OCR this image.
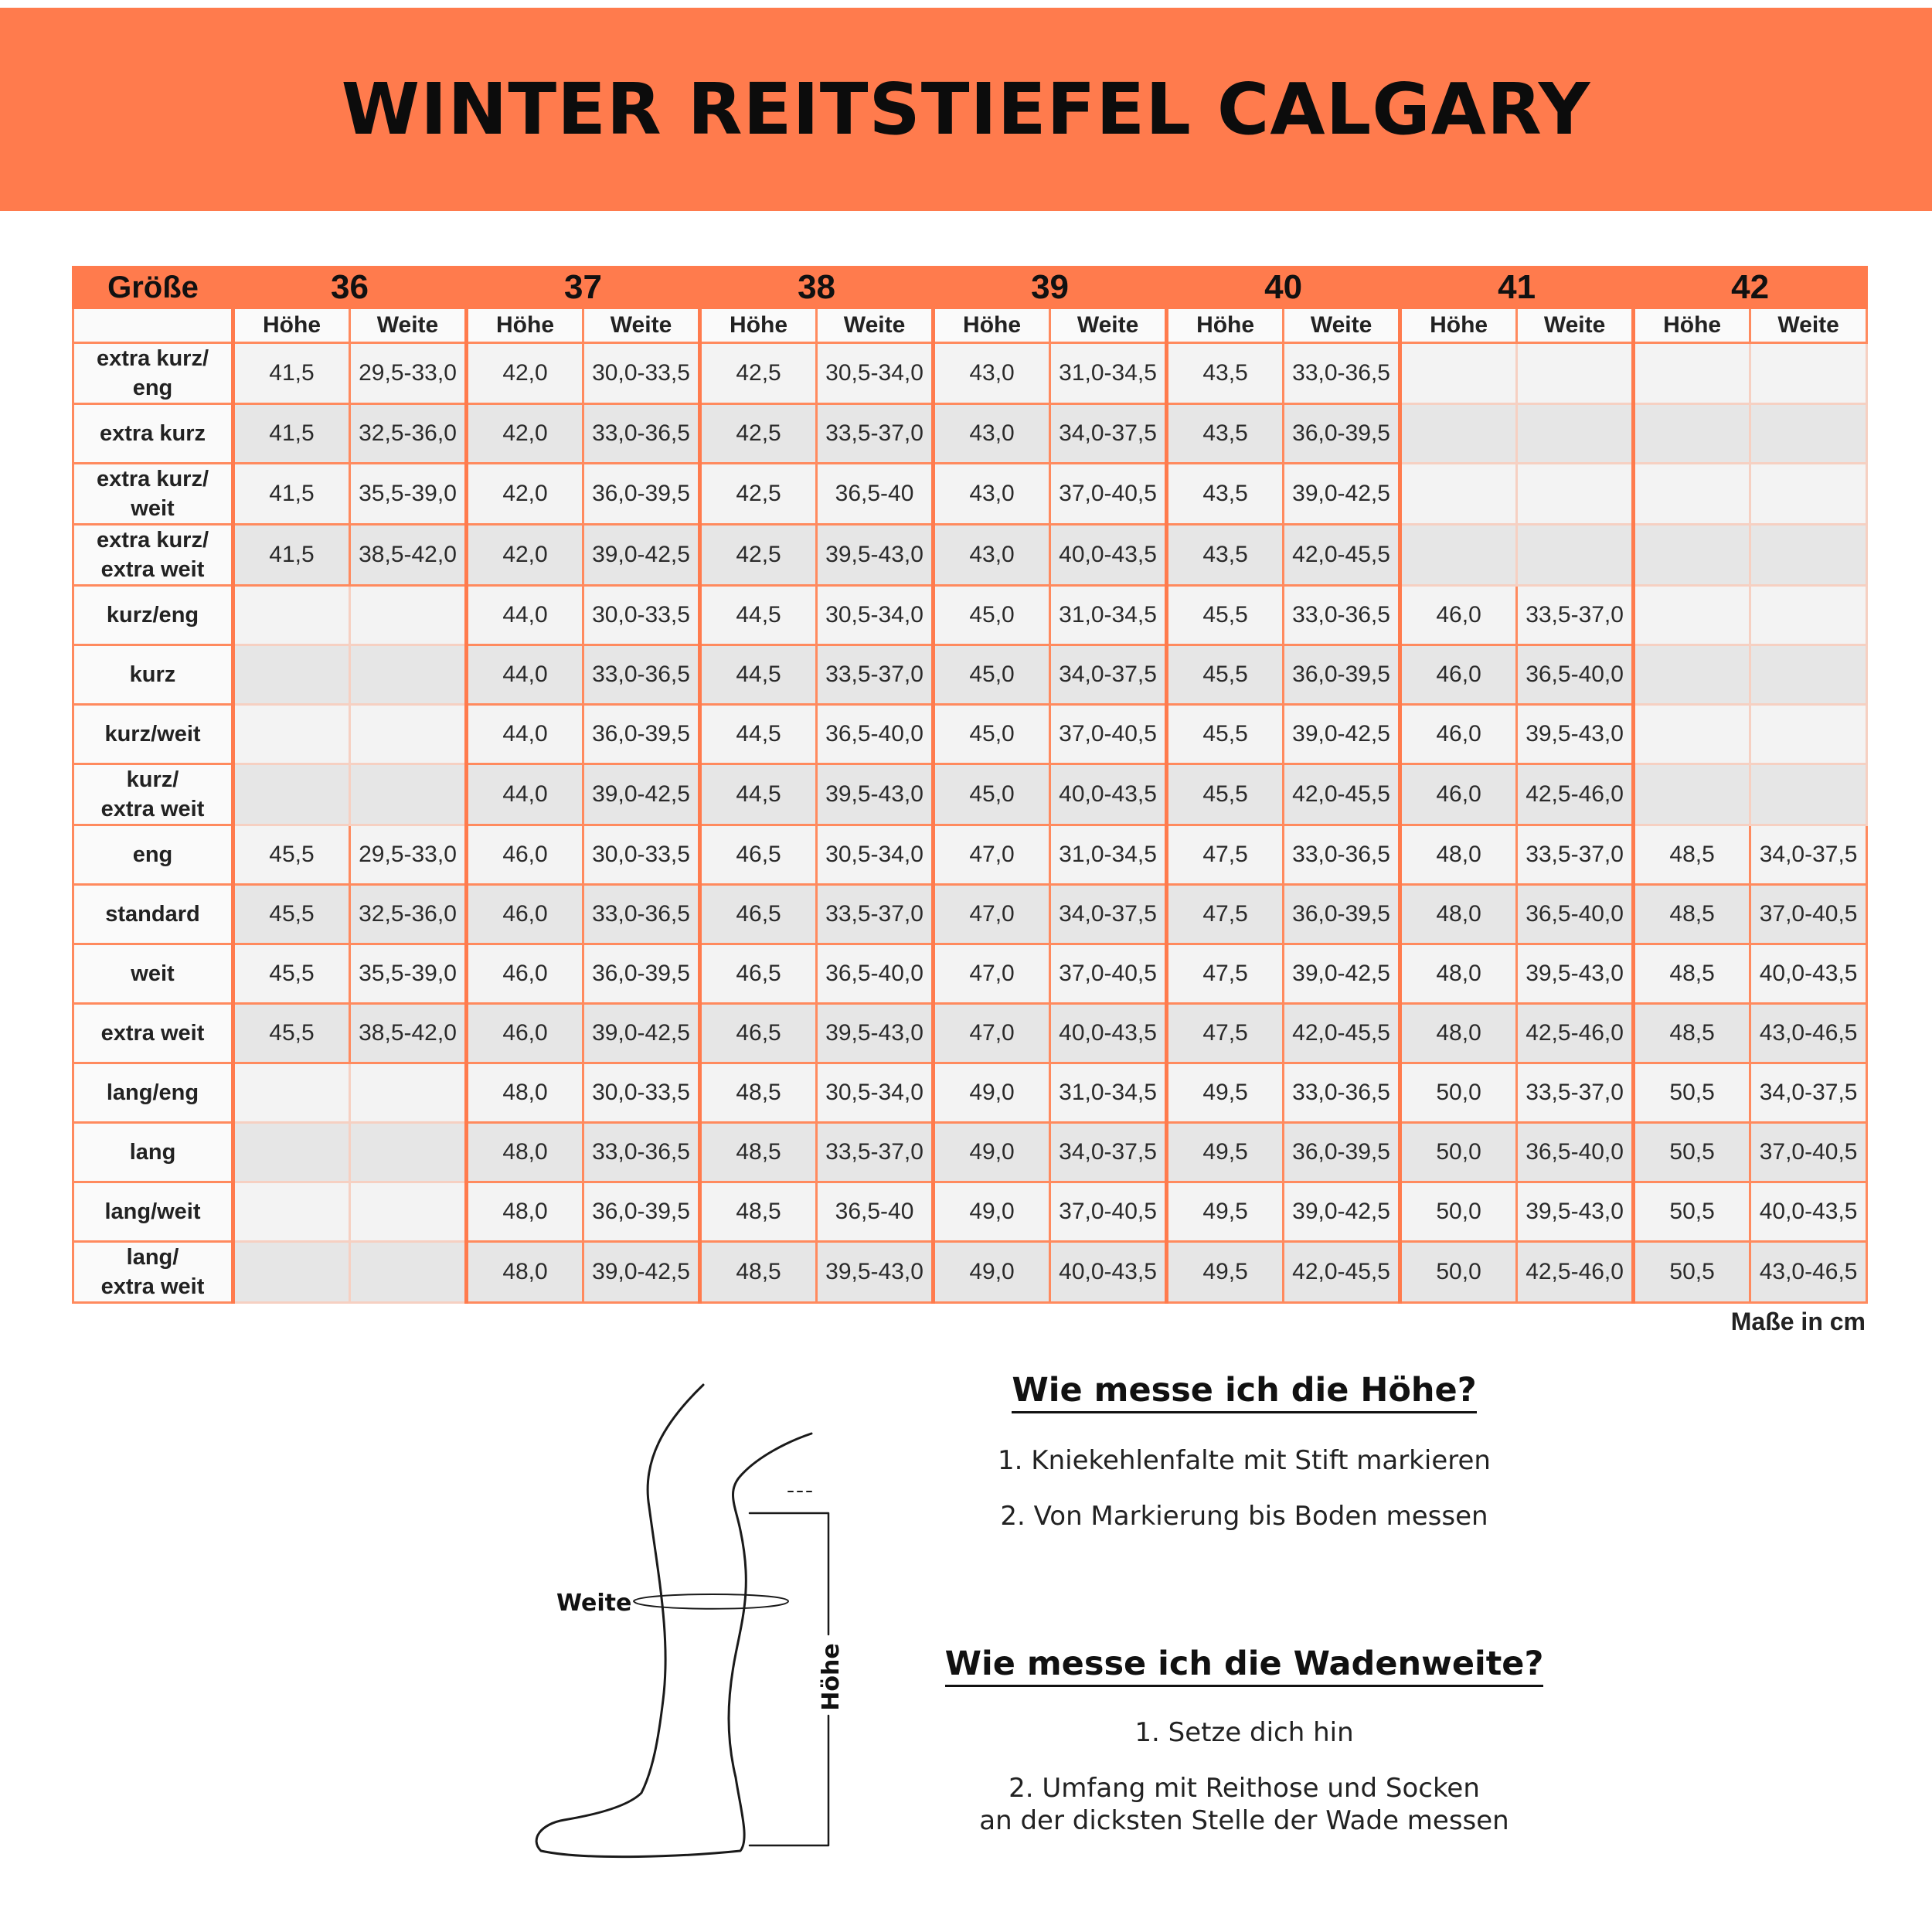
WINTER REITSTIEFEL CALGARY
Größe	36		37		38		39		40		41		42	
	Höhe	Weite	Höhe	Weite	Höhe	Weite	Höhe	Weite	Höhe	Weite	Höhe	Weite	Höhe	Weite
extra kurz/
eng	41,5	29,5-33,0	42,0	30,0-33,5	42,5	30,5-34,0	43,0	31,0-34,5	43,5	33,0-36,5				
extra kurz	41,5	32,5-36,0	42,0	33,0-36,5	42,5	33,5-37,0	43,0	34,0-37,5	43,5	36,0-39,5				
extra kurz/
weit	41,5	35,5-39,0	42,0	36,0-39,5	42,5	36,5-40	43,0	37,0-40,5	43,5	39,0-42,5				
extra kurz/
extra weit	41,5	38,5-42,0	42,0	39,0-42,5	42,5	39,5-43,0	43,0	40,0-43,5	43,5	42,0-45,5				
kurz/eng			44,0	30,0-33,5	44,5	30,5-34,0	45,0	31,0-34,5	45,5	33,0-36,5	46,0	33,5-37,0		
kurz			44,0	33,0-36,5	44,5	33,5-37,0	45,0	34,0-37,5	45,5	36,0-39,5	46,0	36,5-40,0		
kurz/weit			44,0	36,0-39,5	44,5	36,5-40,0	45,0	37,0-40,5	45,5	39,0-42,5	46,0	39,5-43,0		
kurz/
extra weit			44,0	39,0-42,5	44,5	39,5-43,0	45,0	40,0-43,5	45,5	42,0-45,5	46,0	42,5-46,0		
eng	45,5	29,5-33,0	46,0	30,0-33,5	46,5	30,5-34,0	47,0	31,0-34,5	47,5	33,0-36,5	48,0	33,5-37,0	48,5	34,0-37,5
standard	45,5	32,5-36,0	46,0	33,0-36,5	46,5	33,5-37,0	47,0	34,0-37,5	47,5	36,0-39,5	48,0	36,5-40,0	48,5	37,0-40,5
weit	45,5	35,5-39,0	46,0	36,0-39,5	46,5	36,5-40,0	47,0	37,0-40,5	47,5	39,0-42,5	48,0	39,5-43,0	48,5	40,0-43,5
extra weit	45,5	38,5-42,0	46,0	39,0-42,5	46,5	39,5-43,0	47,0	40,0-43,5	47,5	42,0-45,5	48,0	42,5-46,0	48,5	43,0-46,5
lang/eng			48,0	30,0-33,5	48,5	30,5-34,0	49,0	31,0-34,5	49,5	33,0-36,5	50,0	33,5-37,0	50,5	34,0-37,5
lang			48,0	33,0-36,5	48,5	33,5-37,0	49,0	34,0-37,5	49,5	36,0-39,5	50,0	36,5-40,0	50,5	37,0-40,5
lang/weit			48,0	36,0-39,5	48,5	36,5-40	49,0	37,0-40,5	49,5	39,0-42,5	50,0	39,5-43,0	50,5	40,0-43,5
lang/
extra weit			48,0	39,0-42,5	48,5	39,5-43,0	49,0	40,0-43,5	49,5	42,0-45,5	50,0	42,5-46,0	50,5	43,0-46,5
Maße in cm
Weite
Höhe
Wie messe ich die Höhe?

1. Kniekehlenfalte mit Stift markieren

2. Von Markierung bis Boden messen

Wie messe ich die Wadenweite?

1. Setze dich hin

2. Umfang mit Reithose und Socken

an der dicksten Stelle der Wade messen
